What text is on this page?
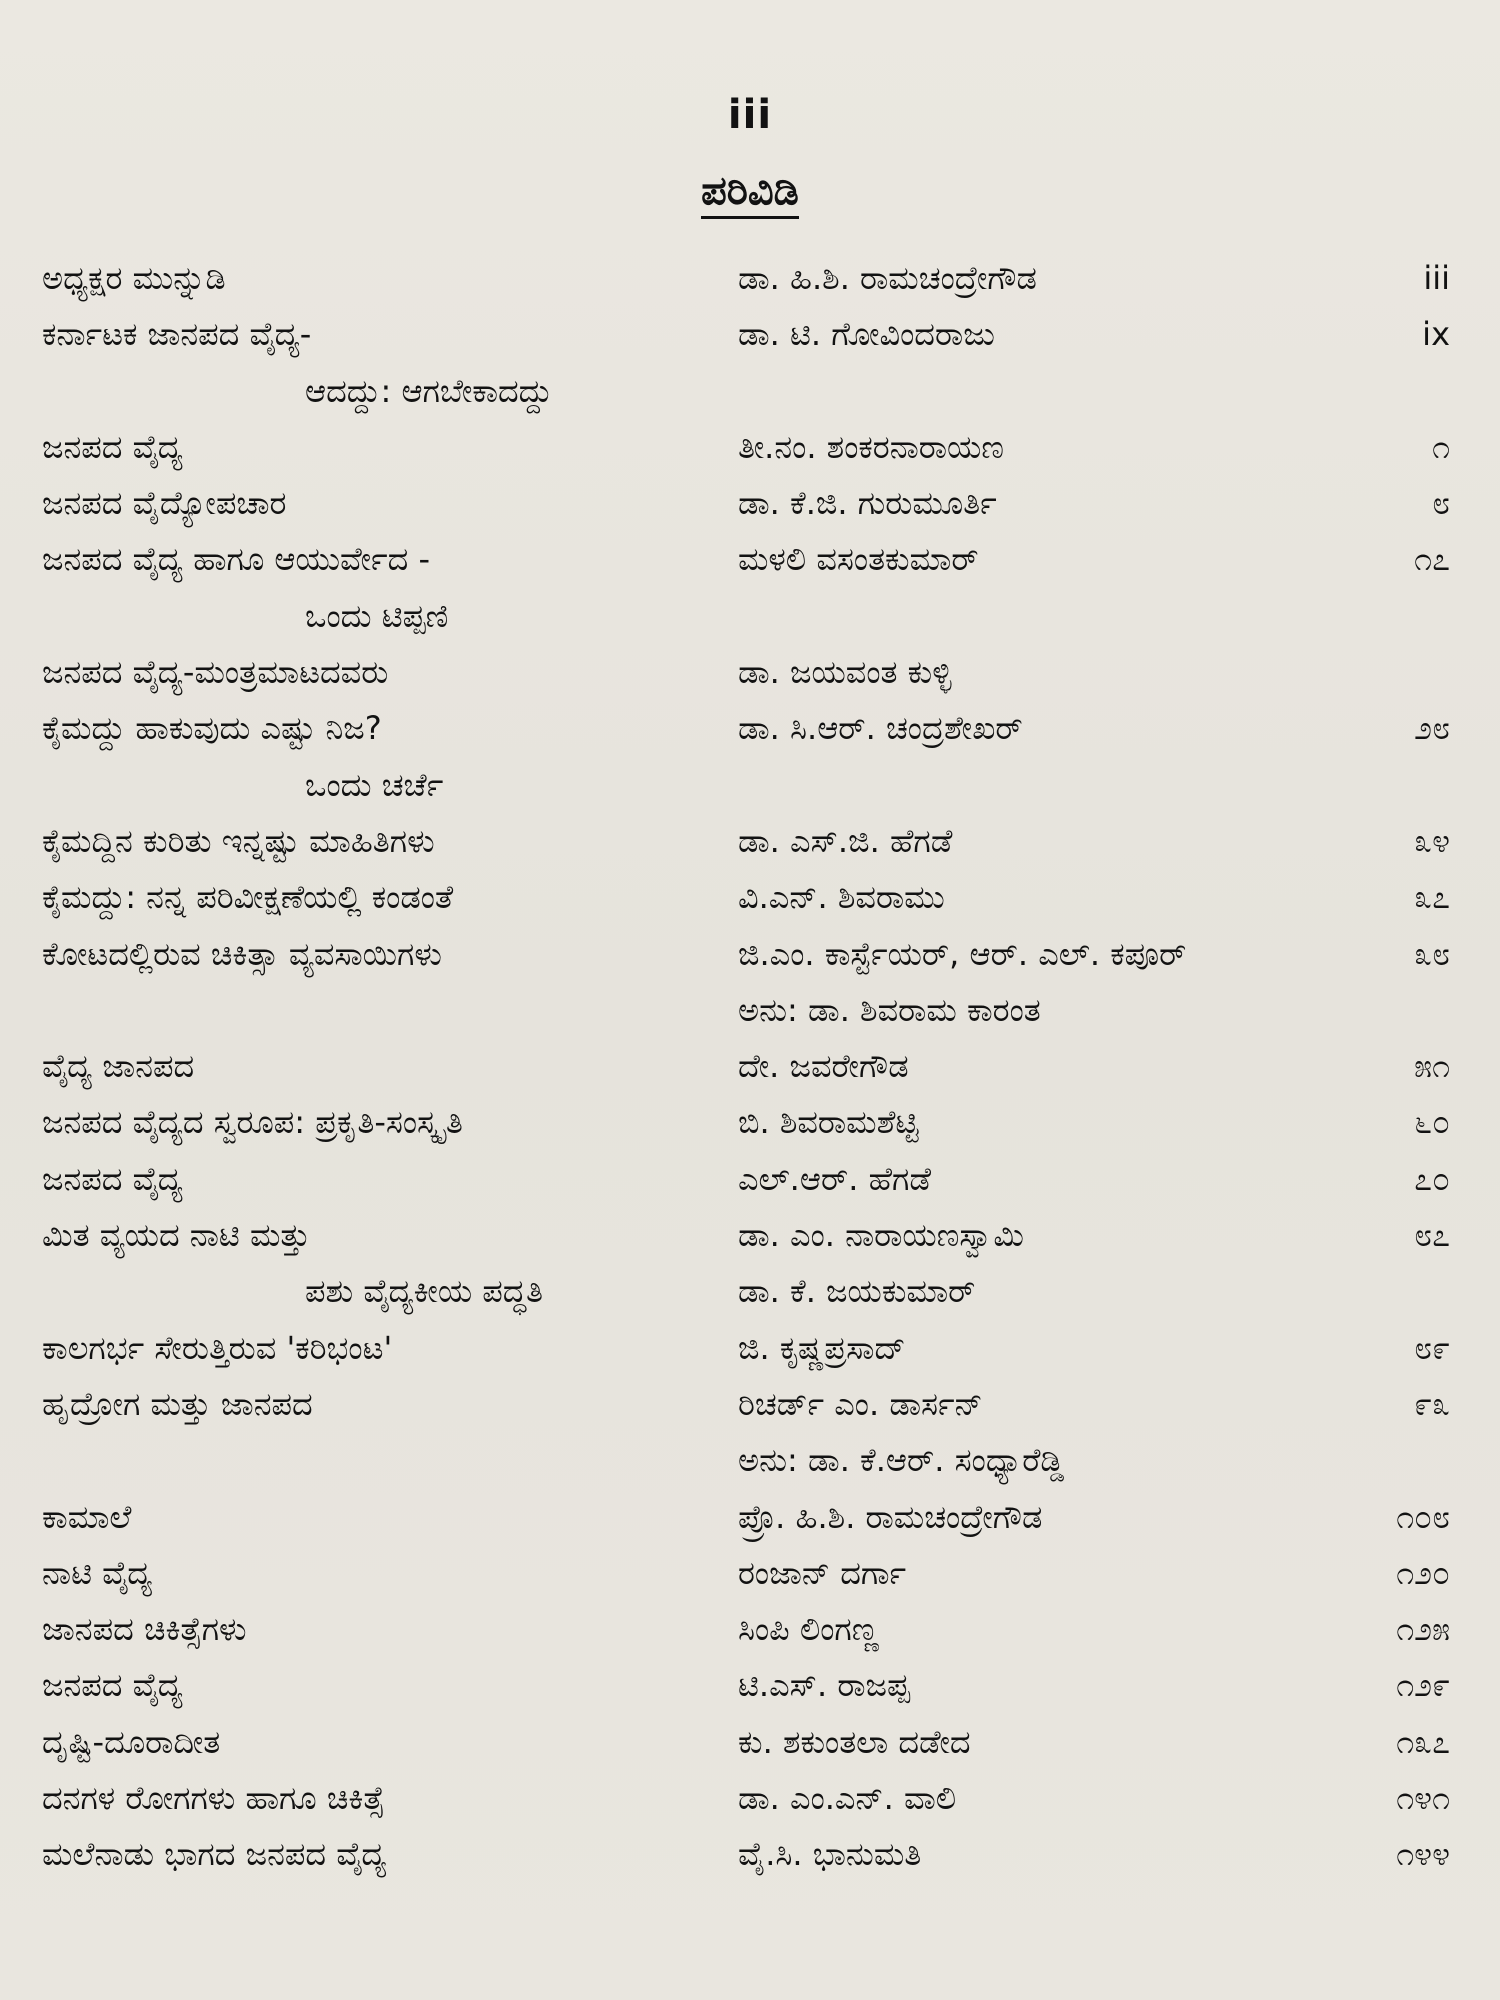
iii
ಪರಿವಿಡಿ
ಅಧ್ಯಕ್ಷರ ಮುನ್ನುಡಿ	ಡಾ. ಹಿ.ಶಿ. ರಾಮಚಂದ್ರೇಗೌಡ	iii
ಕರ್ನಾಟಕ ಜಾನಪದ ವೈದ್ಯ-	ಡಾ. ಟಿ. ಗೋವಿಂದರಾಜು	ix
ಆದದ್ದು: ಆಗಬೇಕಾದದ್ದು
ಜನಪದ ವೈದ್ಯ	ತೀ.ನಂ. ಶಂಕರನಾರಾಯಣ	೧
ಜನಪದ ವೈದ್ಯೋಪಚಾರ	ಡಾ. ಕೆ.ಜಿ. ಗುರುಮೂರ್ತಿ	೮
ಜನಪದ ವೈದ್ಯ ಹಾಗೂ ಆಯುರ್ವೇದ -	ಮಳಲಿ ವಸಂತಕುಮಾರ್	೧೭
ಒಂದು ಟಿಪ್ಪಣಿ
ಜನಪದ ವೈದ್ಯ-ಮಂತ್ರಮಾಟದವರು	ಡಾ. ಜಯವಂತ ಕುಳ್ಳಿ
ಕೈಮದ್ದು ಹಾಕುವುದು ಎಷ್ಟು ನಿಜ?	ಡಾ. ಸಿ.ಆರ್. ಚಂದ್ರಶೇಖರ್	೨೮
ಒಂದು ಚರ್ಚೆ
ಕೈಮದ್ದಿನ ಕುರಿತು ಇನ್ನಷ್ಟು ಮಾಹಿತಿಗಳು	ಡಾ. ಎಸ್.ಜಿ. ಹೆಗಡೆ	೩೪
ಕೈಮದ್ದು: ನನ್ನ ಪರಿವೀಕ್ಷಣೆಯಲ್ಲಿ ಕಂಡಂತೆ	ವಿ.ಎನ್. ಶಿವರಾಮು	೩೭
ಕೋಟದಲ್ಲಿರುವ ಚಿಕಿತ್ಸಾ ವ್ಯವಸಾಯಿಗಳು	ಜಿ.ಎಂ. ಕಾರ್ಸ್ಟೆಯರ್, ಆರ್. ಎಲ್. ಕಪೂರ್	೩೮
ಅನು: ಡಾ. ಶಿವರಾಮ ಕಾರಂತ
ವೈದ್ಯ ಜಾನಪದ	ದೇ. ಜವರೇಗೌಡ	೫೧
ಜನಪದ ವೈದ್ಯದ ಸ್ವರೂಪ: ಪ್ರಕೃತಿ-ಸಂಸ್ಕೃತಿ	ಬಿ. ಶಿವರಾಮಶೆಟ್ಟಿ	೬೦
ಜನಪದ ವೈದ್ಯ	ಎಲ್.ಆರ್. ಹೆಗಡೆ	೭೦
ಮಿತ ವ್ಯಯದ ನಾಟಿ ಮತ್ತು	ಡಾ. ಎಂ. ನಾರಾಯಣಸ್ವಾಮಿ	೮೭
ಪಶು ವೈದ್ಯಕೀಯ ಪದ್ಧತಿ	ಡಾ. ಕೆ. ಜಯಕುಮಾರ್
ಕಾಲಗರ್ಭ ಸೇರುತ್ತಿರುವ 'ಕರಿಭಂಟ'	ಜಿ. ಕೃಷ್ಣಪ್ರಸಾದ್	೮೯
ಹೃದ್ರೋಗ ಮತ್ತು ಜಾನಪದ	ರಿಚರ್ಡ್ ಎಂ. ಡಾರ್ಸನ್	೯೩
ಅನು: ಡಾ. ಕೆ.ಆರ್. ಸಂಧ್ಯಾರೆಡ್ಡಿ
ಕಾಮಾಲೆ	ಪ್ರೊ. ಹಿ.ಶಿ. ರಾಮಚಂದ್ರೇಗೌಡ	೧೦೮
ನಾಟಿ ವೈದ್ಯ	ರಂಜಾನ್ ದರ್ಗಾ	೧೨೦
ಜಾನಪದ ಚಿಕಿತ್ಸೆಗಳು	ಸಿಂಪಿ ಲಿಂಗಣ್ಣ	೧೨೫
ಜನಪದ ವೈದ್ಯ	ಟಿ.ಎಸ್. ರಾಜಪ್ಪ	೧೨೯
ದೃಷ್ಟಿ-ದೂರಾದೀತ	ಕು. ಶಕುಂತಲಾ ದಡೇದ	೧೩೭
ದನಗಳ ರೋಗಗಳು ಹಾಗೂ ಚಿಕಿತ್ಸೆ	ಡಾ. ಎಂ.ಎನ್. ವಾಲಿ	೧೪೧
ಮಲೆನಾಡು ಭಾಗದ ಜನಪದ ವೈದ್ಯ	ವೈ.ಸಿ. ಭಾನುಮತಿ	೧೪೪
